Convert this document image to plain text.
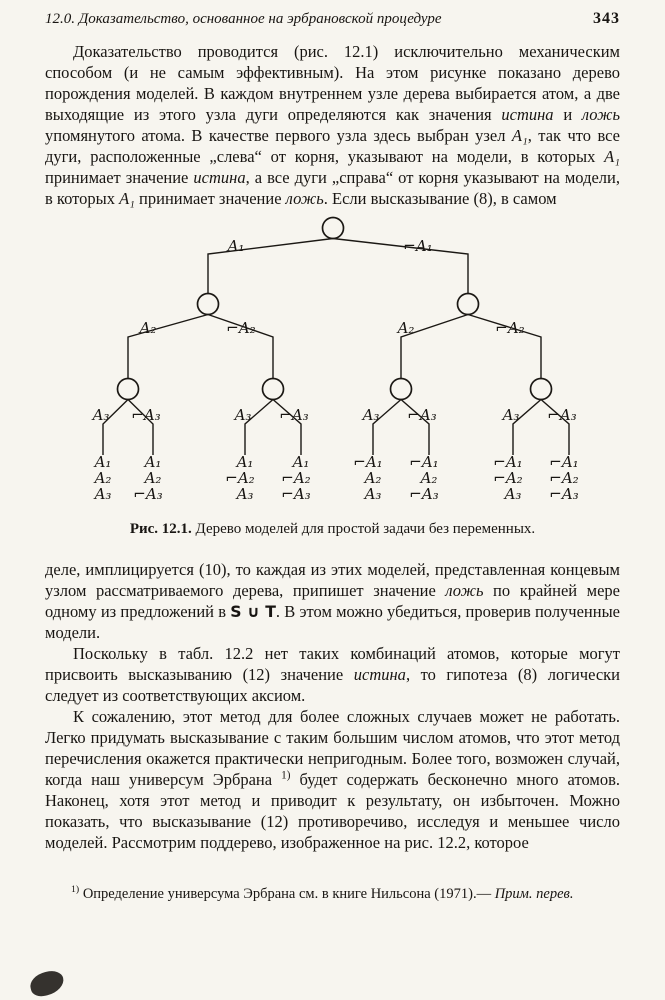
12.0. Доказательство, основанное на эрбрановской процедуре	343

Доказательство проводится (рис. 12.1) исключительно механическим способом (и не самым эффективным). На этом рисунке показано дерево порождения моделей. В каждом внутреннем узле дерева выбирается атом, а две выходящие из этого узла дуги определяются как значения истина и ложь упомянутого атома. В качестве первого узла здесь выбран узел A₁, так что все дуги, расположенные „слева“ от корня, указывают на модели, в которых A₁ принимает значение истина, а все дуги „справа“ от корня указывают на модели, в которых A₁ принимает значение ложь. Если высказывание (8), в самом

A₁	⌐A₁
A₂	⌐A₂	A₂	⌐A₂
A₃ ⌐A₃	A₃ ⌐A₃	A₃ ⌐A₃	A₃ ⌐A₃
A₁
A₂
A₃
A₁
A₂
⌐A₃
A₁
⌐A₂
A₃
A₁
⌐A₂
⌐A₃
⌐A₁
A₂
A₃
⌐A₁
A₂
⌐A₃
⌐A₁
⌐A₂
A₃
⌐A₁
⌐A₂
⌐A₃
Рис. 12.1. Дерево моделей для простой задачи без переменных.

деле, имплицируется (10), то каждая из этих моделей, представленная концевым узлом рассматриваемого дерева, припишет значение ложь по крайней мере одному из предложений в S ∪ T. В этом можно убедиться, проверив полученные модели.

Поскольку в табл. 12.2 нет таких комбинаций атомов, которые могут присвоить высказыванию (12) значение истина, то гипотеза (8) логически следует из соответствующих аксиом.

К сожалению, этот метод для более сложных случаев может не работать. Легко придумать высказывание с таким большим числом атомов, что этот метод перечисления окажется практически непригодным. Более того, возможен случай, когда наш универсум Эрбрана $^{1)}$ будет содержать бесконечно много атомов. Наконец, хотя этот метод и приводит к результату, он избыточен. Можно показать, что высказывание (12) противоречиво, исследуя и меньшее число моделей. Рассмотрим поддерево, изображенное на рис. 12.2, которое

$^{1)}$ Определение универсума Эрбрана см. в книге Нильсона (1971).— Прим. перев.
